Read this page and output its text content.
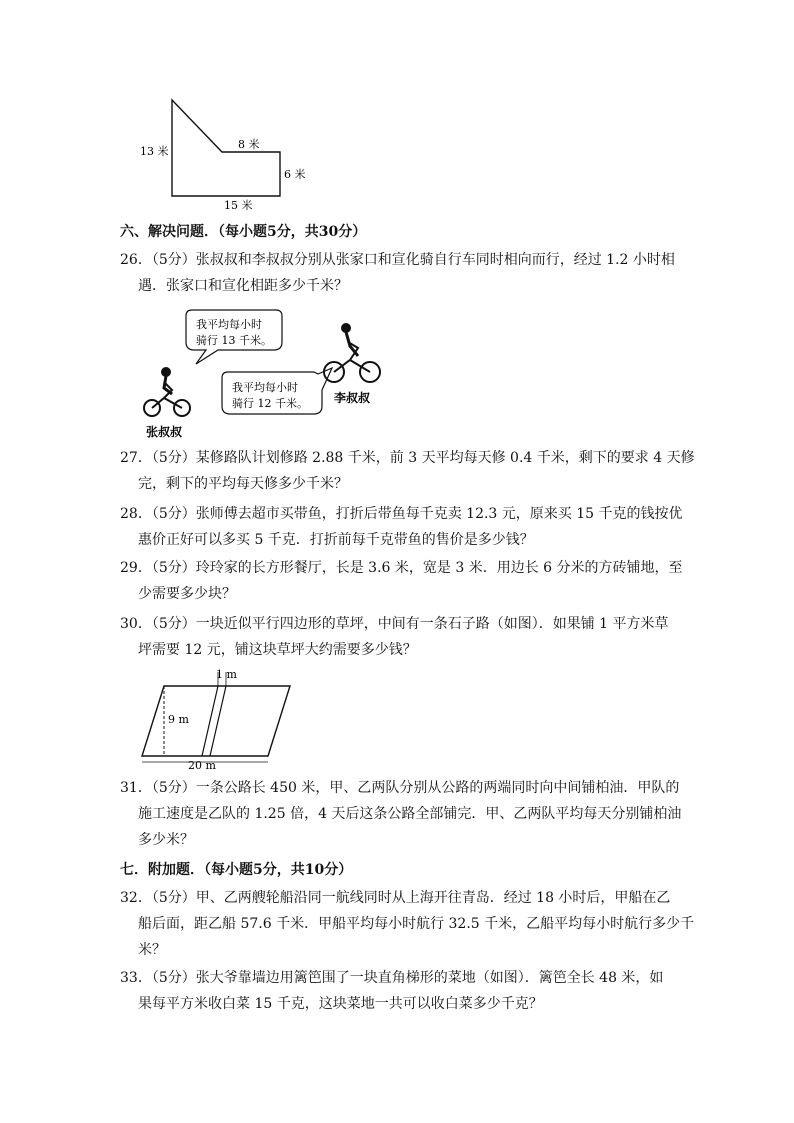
13 米
8 米
6 米
15 米
六、解决问题．（每小题5分，共30分）
26．（5分）张叔叔和李叔叔分别从张家口和宣化骑自行车同时相向而行，经过 1.2 小时相
遇．张家口和宣化相距多少千米？
我平均每小时
骑行 13 千米。
我平均每小时
骑行 12 千米。
张叔叔
李叔叔
27．（5分）某修路队计划修路 2.88 千米，前 3 天平均每天修 0.4 千米，剩下的要求 4 天修
完，剩下的平均每天修多少千米？
28．（5分）张师傅去超市买带鱼，打折后带鱼每千克卖 12.3 元，原来买 15 千克的钱按优
惠价正好可以多买 5 千克．打折前每千克带鱼的售价是多少钱？
29．（5分）玲玲家的长方形餐厅，长是 3.6 米，宽是 3 米．用边长 6 分米的方砖铺地，至
少需要多少块？
30．（5分）一块近似平行四边形的草坪，中间有一条石子路（如图）．如果铺 1 平方米草
坪需要 12 元，铺这块草坪大约需要多少钱？
1 m
9 m
20 m
31．（5分）一条公路长 450 米，甲、乙两队分别从公路的两端同时向中间铺柏油．甲队的
施工速度是乙队的 1.25 倍，4 天后这条公路全部铺完．甲、乙两队平均每天分别铺柏油
多少米？
七．附加题．（每小题5分，共10分）
32．（5分）甲、乙两艘轮船沿同一航线同时从上海开往青岛．经过 18 小时后，甲船在乙
船后面，距乙船 57.6 千米．甲船平均每小时航行 32.5 千米，乙船平均每小时航行多少千
米？
33．（5分）张大爷靠墙边用篱笆围了一块直角梯形的菜地（如图）．篱笆全长 48 米，如
果每平方米收白菜 15 千克，这块菜地一共可以收白菜多少千克？
